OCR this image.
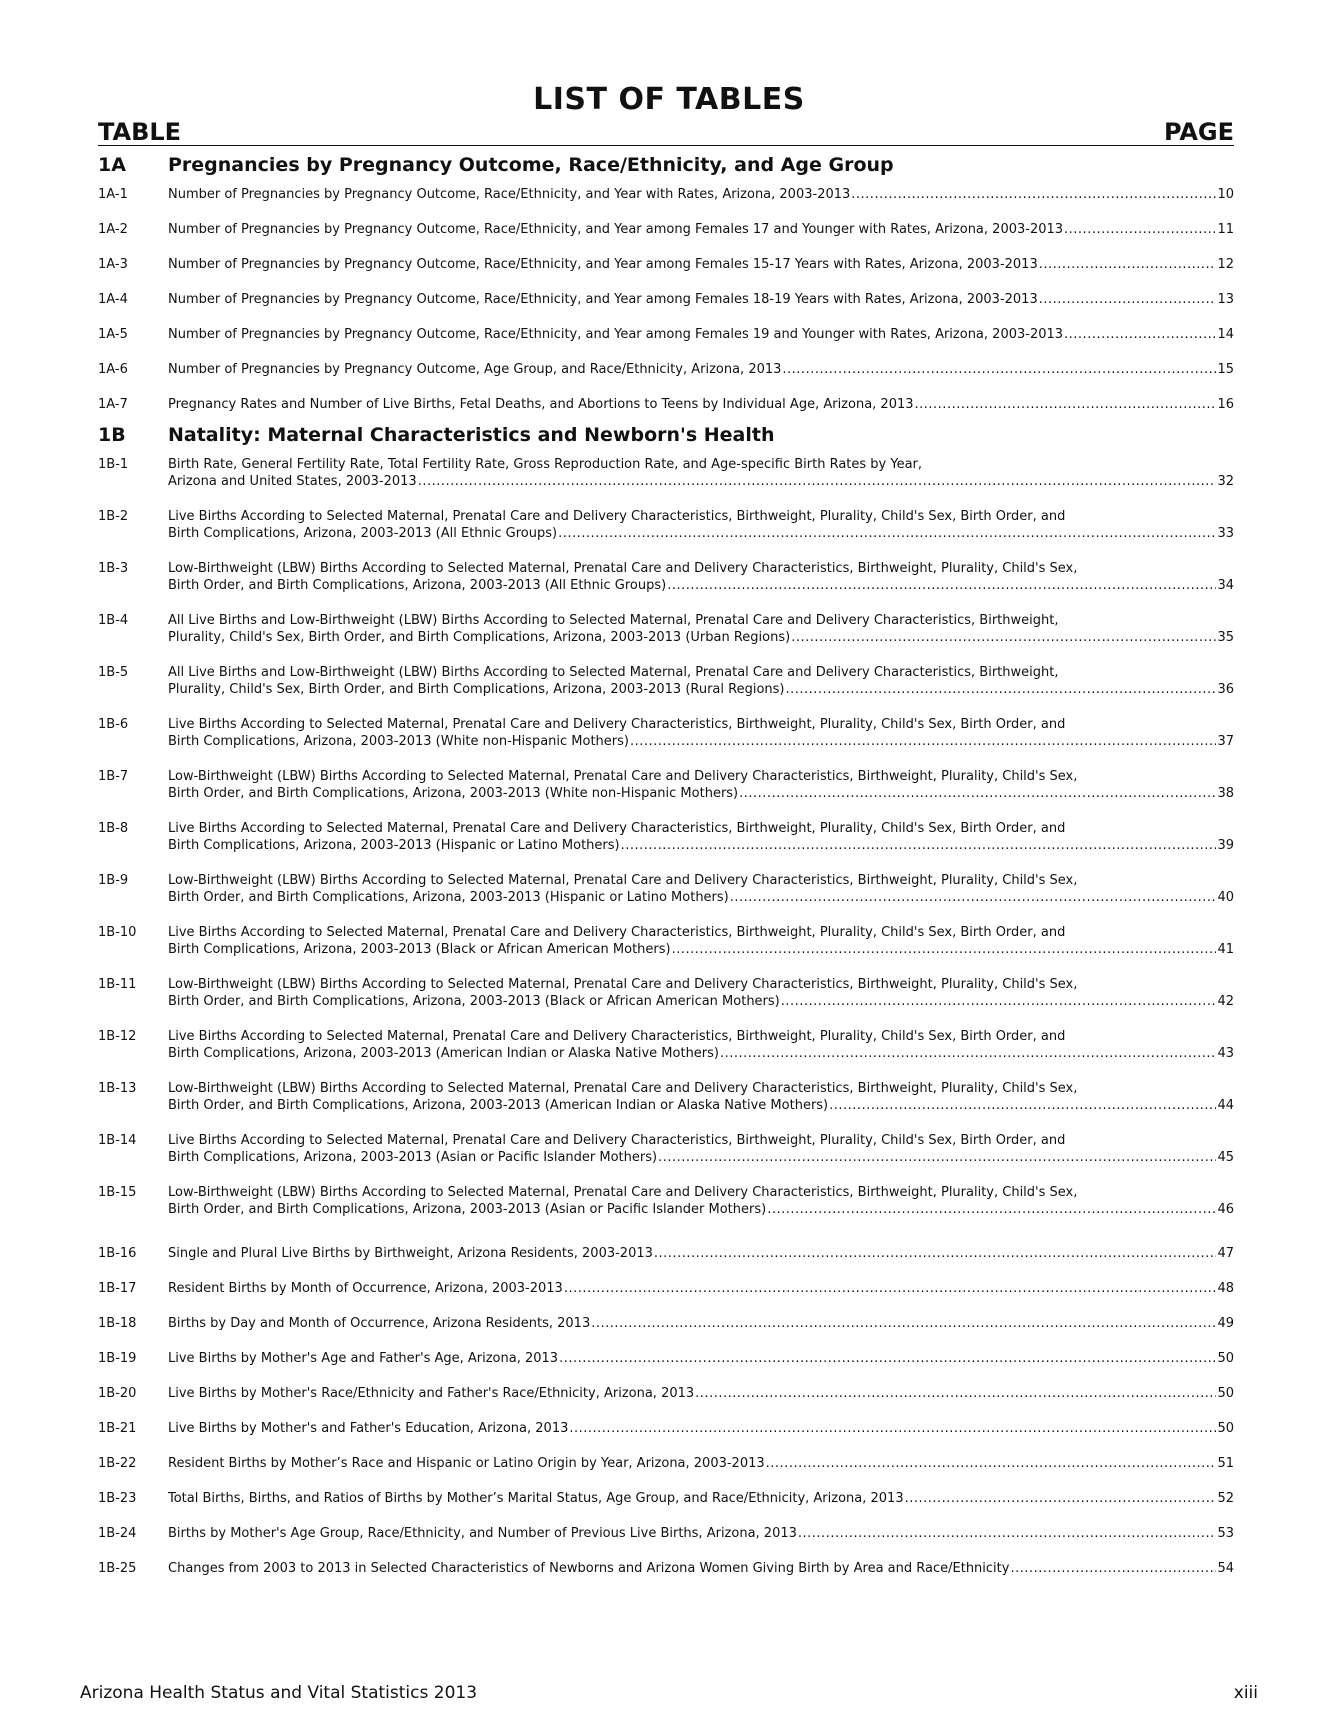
LIST OF TABLES
TABLE	PAGE
1A Pregnancies by Pregnancy Outcome, Race/Ethnicity, and Age Group
1A-1	Number of Pregnancies by Pregnancy Outcome, Race/Ethnicity, and Year with Rates, Arizona, 2003-2013 .....	10
1A-2	Number of Pregnancies by Pregnancy Outcome, Race/Ethnicity, and Year among Females 17 and Younger with Rates, Arizona, 2003-2013 .....	11
1A-3	Number of Pregnancies by Pregnancy Outcome, Race/Ethnicity, and Year among Females 15-17 Years with Rates, Arizona, 2003-2013 .....	12
1A-4	Number of Pregnancies by Pregnancy Outcome, Race/Ethnicity, and Year among Females 18-19 Years with Rates, Arizona, 2003-2013 .....	13
1A-5	Number of Pregnancies by Pregnancy Outcome, Race/Ethnicity, and Year among Females 19 and Younger with Rates, Arizona, 2003-2013 .....	14
1A-6	Number of Pregnancies by Pregnancy Outcome, Age Group, and Race/Ethnicity, Arizona, 2013 .....	15
1A-7	Pregnancy Rates and Number of Live Births, Fetal Deaths, and Abortions to Teens by Individual Age, Arizona, 2013 .....	16
1B Natality: Maternal Characteristics and Newborn's Health
1B-1	Birth Rate, General Fertility Rate, Total Fertility Rate, Gross Reproduction Rate, and Age-specific Birth Rates by Year,
Arizona and United States, 2003-2013 .....	32
1B-2	Live Births According to Selected Maternal, Prenatal Care and Delivery Characteristics, Birthweight, Plurality, Child's Sex, Birth Order, and
Birth Complications, Arizona, 2003-2013 (All Ethnic Groups) .....	33
1B-3	Low-Birthweight (LBW) Births According to Selected Maternal, Prenatal Care and Delivery Characteristics, Birthweight, Plurality, Child's Sex,
Birth Order, and Birth Complications, Arizona, 2003-2013 (All Ethnic Groups) .....	34
1B-4	All Live Births and Low-Birthweight (LBW) Births According to Selected Maternal, Prenatal Care and Delivery Characteristics, Birthweight,
Plurality, Child's Sex, Birth Order, and Birth Complications, Arizona, 2003-2013 (Urban Regions) .....	35
1B-5	All Live Births and Low-Birthweight (LBW) Births According to Selected Maternal, Prenatal Care and Delivery Characteristics, Birthweight,
Plurality, Child's Sex, Birth Order, and Birth Complications, Arizona, 2003-2013 (Rural Regions) .....	36
1B-6	Live Births According to Selected Maternal, Prenatal Care and Delivery Characteristics, Birthweight, Plurality, Child's Sex, Birth Order, and
Birth Complications, Arizona, 2003-2013 (White non-Hispanic Mothers) .....	37
1B-7	Low-Birthweight (LBW) Births According to Selected Maternal, Prenatal Care and Delivery Characteristics, Birthweight, Plurality, Child's Sex,
Birth Order, and Birth Complications, Arizona, 2003-2013 (White non-Hispanic Mothers) .....	38
1B-8	Live Births According to Selected Maternal, Prenatal Care and Delivery Characteristics, Birthweight, Plurality, Child's Sex, Birth Order, and
Birth Complications, Arizona, 2003-2013 (Hispanic or Latino Mothers) .....	39
1B-9	Low-Birthweight (LBW) Births According to Selected Maternal, Prenatal Care and Delivery Characteristics, Birthweight, Plurality, Child's Sex,
Birth Order, and Birth Complications, Arizona, 2003-2013 (Hispanic or Latino Mothers) .....	40
1B-10 Live Births According to Selected Maternal, Prenatal Care and Delivery Characteristics, Birthweight, Plurality, Child's Sex, Birth Order, and
Birth Complications, Arizona, 2003-2013 (Black or African American Mothers) .....	41
1B-11 Low-Birthweight (LBW) Births According to Selected Maternal, Prenatal Care and Delivery Characteristics, Birthweight, Plurality, Child's Sex,
Birth Order, and Birth Complications, Arizona, 2003-2013 (Black or African American Mothers) .....	42
1B-12 Live Births According to Selected Maternal, Prenatal Care and Delivery Characteristics, Birthweight, Plurality, Child's Sex, Birth Order, and
Birth Complications, Arizona, 2003-2013 (American Indian or Alaska Native Mothers) .....	43
1B-13 Low-Birthweight (LBW) Births According to Selected Maternal, Prenatal Care and Delivery Characteristics, Birthweight, Plurality, Child's Sex,
Birth Order, and Birth Complications, Arizona, 2003-2013 (American Indian or Alaska Native Mothers) .....	44
1B-14 Live Births According to Selected Maternal, Prenatal Care and Delivery Characteristics, Birthweight, Plurality, Child's Sex, Birth Order, and
Birth Complications, Arizona, 2003-2013 (Asian or Pacific Islander Mothers) .....	45
1B-15 Low-Birthweight (LBW) Births According to Selected Maternal, Prenatal Care and Delivery Characteristics, Birthweight, Plurality, Child's Sex,
Birth Order, and Birth Complications, Arizona, 2003-2013 (Asian or Pacific Islander Mothers) .....	46
1B-16 Single and Plural Live Births by Birthweight, Arizona Residents, 2003-2013 .....	47
1B-17 Resident Births by Month of Occurrence, Arizona, 2003-2013 .....	48
1B-18 Births by Day and Month of Occurrence, Arizona Residents, 2013 .....	49
1B-19 Live Births by Mother's Age and Father's Age, Arizona, 2013 .....	50
1B-20 Live Births by Mother's Race/Ethnicity and Father's Race/Ethnicity, Arizona, 2013 .....	50
1B-21 Live Births by Mother's and Father's Education, Arizona, 2013 .....	50
1B-22 Resident Births by Mother’s Race and Hispanic or Latino Origin by Year, Arizona, 2003-2013 .....	51
1B-23 Total Births, Births, and Ratios of Births by Mother’s Marital Status, Age Group, and Race/Ethnicity, Arizona, 2013 .....	52
1B-24 Births by Mother's Age Group, Race/Ethnicity, and Number of Previous Live Births, Arizona, 2013 .....	53
1B-25 Changes from 2003 to 2013 in Selected Characteristics of Newborns and Arizona Women Giving Birth by Area and Race/Ethnicity .....	54
Arizona Health Status and Vital Statistics 2013	xiii
